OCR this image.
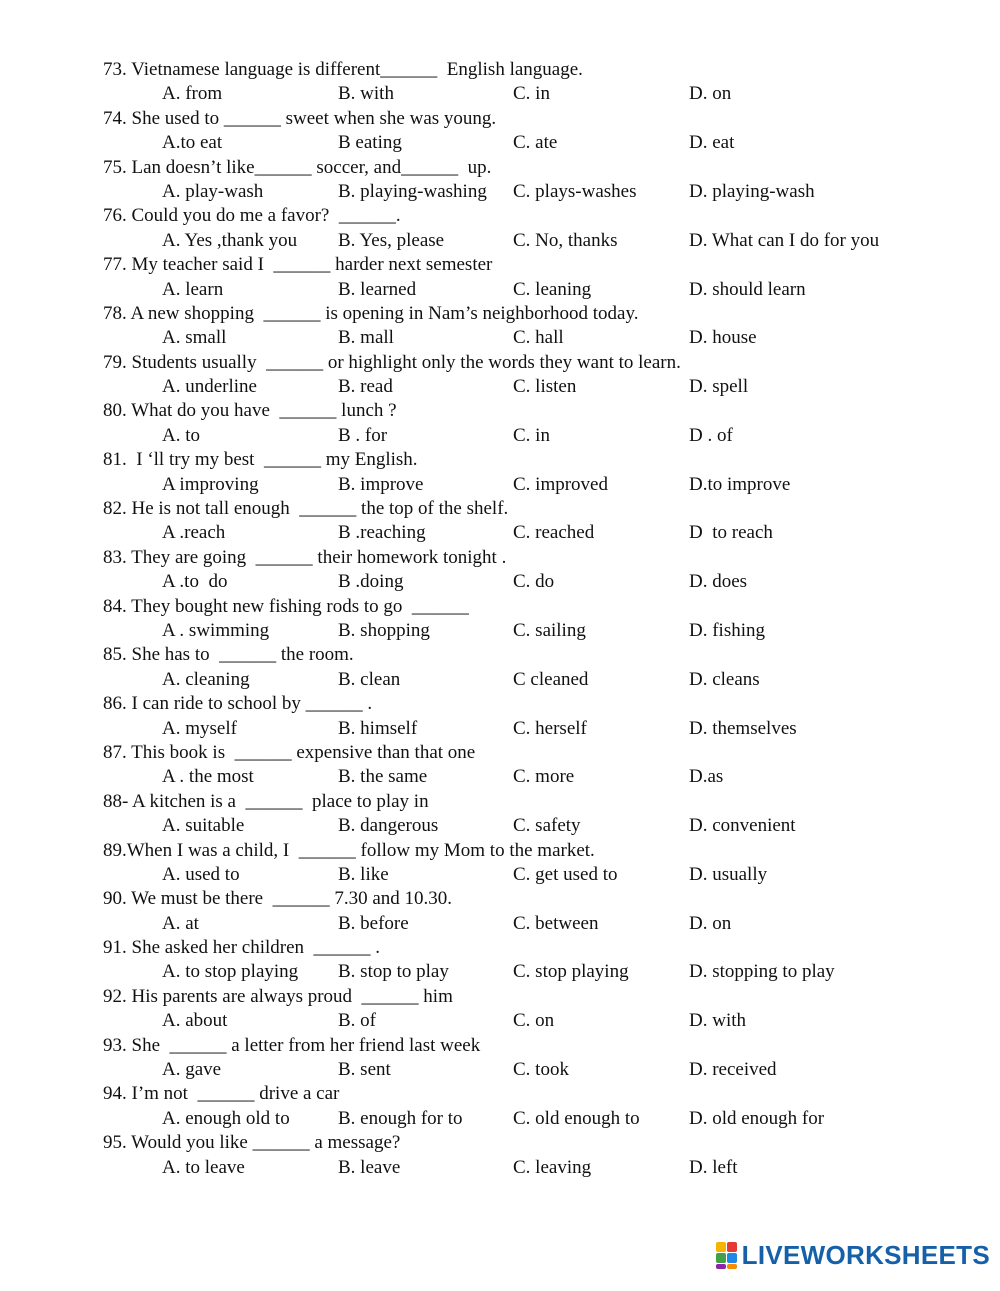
73. Vietnamese language is different______  English language.
A. from	B. with	C. in	D. on
74. She used to ______ sweet when she was young.
A.to eat	B eating	C. ate	D. eat
75. Lan doesn’t like______ soccer, and______  up.
A. play-wash	B. playing-washing C. plays-washes	D. playing-wash
76. Could you do me a favor?  ______.
A. Yes ,thank you B. Yes, please	C. No, thanks	D. What can I do for you
77. My teacher said I  ______ harder next semester
A. learn	B. learned	C. leaning	D. should learn
78. A new shopping  ______ is opening in Nam’s neighborhood today.
A. small	B. mall	C. hall	D. house
79. Students usually  ______ or highlight only the words they want to learn.
A. underline	B. read	C. listen	D. spell
80. What do you have  ______ lunch ?
A. to	B . for	C. in	D . of
81.  I ‘ll try my best  ______ my English.
A improving	B. improve	C. improved	D.to improve
82. He is not tall enough  ______ the top of the shelf.
A .reach	B .reaching	C. reached	D  to reach
83. They are going  ______ their homework tonight .
A .to  do	B .doing	C. do	D. does
84. They bought new fishing rods to go  ______
A . swimming	B. shopping	C. sailing	D. fishing
85. She has to  ______ the room.
A. cleaning	B. clean	C cleaned	D. cleans
86. I can ride to school by ______ .
A. myself	B. himself	C. herself	D. themselves
87. This book is  ______ expensive than that one
A . the most	B. the same	C. more	D.as
88- A kitchen is a  ______  place to play in
A. suitable	B. dangerous	C. safety	D. convenient
89.When I was a child, I  ______ follow my Mom to the market.
A. used to	B. like	C. get used to	D. usually
90. We must be there  ______ 7.30 and 10.30.
A. at	B. before	C. between	D. on
91. She asked her children  ______ .
A. to stop playing B. stop to play	C. stop playing	D. stopping to play
92. His parents are always proud  ______ him
A. about	B. of	C. on	D. with
93. She  ______ a letter from her friend last week
A. gave	B. sent	C. took	D. received
94. I’m not  ______ drive a car
A. enough old to	B. enough for to	C. old enough to	D. old enough for
95. Would you like ______ a message?
A. to leave	B. leave	C. leaving	D. left
LIVEWORKSHEETS
